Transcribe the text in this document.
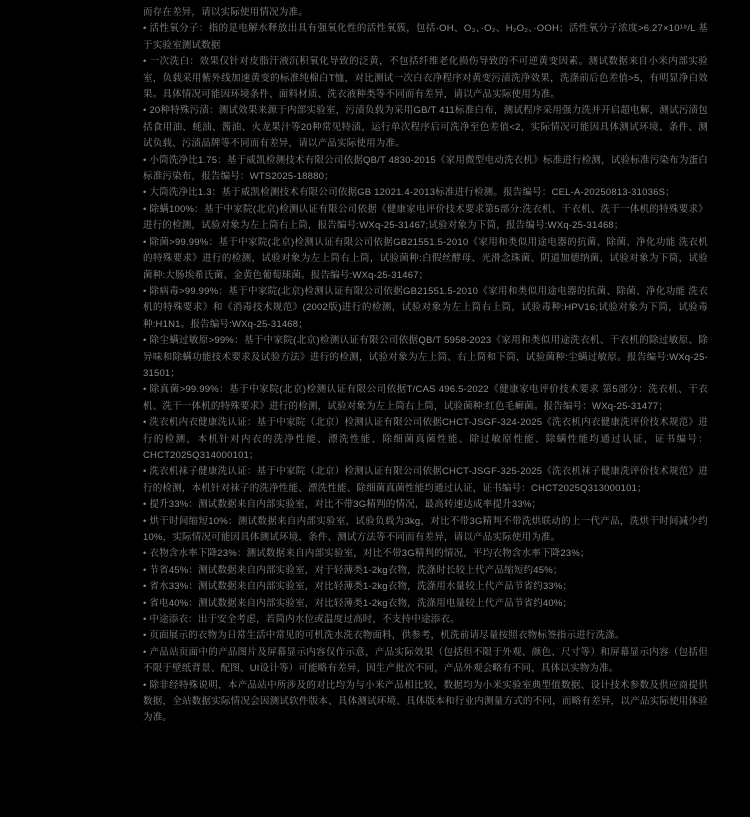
而存在差异，请以实际使用情况为准。

• 活性氧分子：指的是电解水释放出具有强氧化性的活性氧簇，包括·OH、O₃、·O₂、H₂O₂、·OOH；活性氧分子浓度>6.27×10¹⁸/L 基于实验室测试数据

• 一次洗白：效果仅针对皮脂汗液沉积氧化导致的泛黄，不包括纤维老化损伤导致的不可逆黄变因素。测试数据来自小米内部实验室，负载采用紫外线加速黄变的标准纯棉白T恤，对比测试一次白衣净程序对黄变污渍洗净效果，洗涤前后色差值>5，有明显净白效果。具体情况可能因环境条件、面料材质、洗衣液种类等不同而有差异，请以产品实际使用为准。

• 20种特殊污渍：测试效果来源于内部实验室，污渍负载为采用GB/T 411标准白布，测试程序采用强力洗并开启超电解，测试污渍包括食用油、蚝油、酱油、火龙果汁等20种常见特渍，运行单次程序后可洗净至色差值<2，实际情况可能因具体测试环境、条件、测试负载、污渍品牌等不同而有差异，请以产品实际使用为准。

• 小筒洗净比1.75：基于威凯检测技术有限公司依据QB/T 4830-2015《家用微型电动洗衣机》标准进行检测，试验标准污染布为蛋白标准污染布，报告编号：WTS2025-18880；

• 大筒洗净比1.3：基于威凯检测技术有限公司依据GB 12021.4-2013标准进行检测。报告编号：CEL-A-20250813-31036S；

• 除螨100%：基于中家院(北京)检测认证有限公司依据《健康家电评价技术要求第5部分:洗衣机、干衣机、洗干一体机的特殊要求》进行的检测，试验对象为左上筒右上筒，报告编号:WXq-25-31467;试验对象为下筒，报告编号:WXq-25-31468；

• 除菌>99.99%：基于中家院(北京)检测认证有限公司依据GB21551.5-2010《家用和类似用途电器的抗菌、除菌、净化功能 洗衣机的特殊要求》进行的检测，试验对象为左上筒右上筒，试验菌种:白假丝酵母、光滑念珠菌、阴道加德纳菌，试验对象为下筒，试验菌种:大肠埃希氏菌、金黄色葡萄球菌。报告编号:WXq-25-31467；

• 除病毒>99.99%：基于中家院(北京)检测认证有限公司依据GB21551.5-2010《家用和类似用途电器的抗菌、除菌、净化功能 洗衣机的特殊要求》和《消毒技术规范》(2002版)进行的检测，试验对象为左上筒右上筒，试验毒种:HPV16;试验对象为下筒，试验毒种:H1N1。报告编号:WXq-25-31468；

• 除尘螨过敏原>99%：基于中家院(北京)检测认证有限公司依据QB/T 5958-2023《家用和类似用途洗衣机、干衣机的除过敏原、除异味和除螨功能技术要求及试验方法》进行的检测，试验对象为左上筒、右上筒和下筒，试验菌种:尘螨过敏原。报告编号:WXq-25-31501；

• 除真菌>99.99%：基于中家院(北京)检测认证有限公司依据T/CAS 496.5-2022《健康家电评价技术要求 第5部分：洗衣机、干衣机、洗干一体机的特殊要求》进行的检测，试验对象为左上筒右上筒，试验菌种:红色毛癣菌。报告编号：WXq-25-31477；

• 洗衣机内衣健康洗认证：基于中家院（北京）检测认证有限公司依据CHCT-JSGF-324-2025《洗衣机内衣健康洗评价技术规范》进行的检测，本机针对内衣的洗净性能、漂洗性能、除细菌真菌性能、除过敏原性能、除螨性能均通过认证，证书编号：CHCT2025Q314000101；

• 洗衣机袜子健康洗认证：基于中家院（北京）检测认证有限公司依据CHCT-JSGF-325-2025《洗衣机袜子健康洗评价技术规范》进行的检测，本机针对袜子的洗净性能、漂洗性能、除细菌真菌性能均通过认证，证书编号：CHCT2025Q313000101；

• 提升33%：测试数据来自内部实验室，对比不带3G精判的情况，最高转速达成率提升33%；

• 烘干时间缩短10%：测试数据来自内部实验室，试验负载为3kg，对比不带3G精判不带洗烘联动的上一代产品，洗烘干时间减少约10%，实际情况可能因具体测试环境、条件、测试方法等不同而有差异，请以产品实际使用为准。

• 衣物含水率下降23%：测试数据来自内部实验室，对比不带3G精判的情况，平均衣物含水率下降23%；

• 节省45%：测试数据来自内部实验室，对于轻薄类1-2kg衣物，洗涤时长较上代产品缩短约45%；

• 省水33%：测试数据来自内部实验室，对比轻薄类1-2kg衣物，洗涤用水量较上代产品节省约33%；

• 省电40%：测试数据来自内部实验室，对比轻薄类1-2kg衣物，洗涤用电量较上代产品节省约40%；

• 中途添衣：出于安全考虑，若筒内水位或温度过高时，不支持中途添衣。

• 页面展示的衣物为日常生活中常见的可机洗水洗衣物面料，供参考，机洗前请尽量按照衣物标签指示进行洗涤。

• 产品站页面中的产品图片及屏幕显示内容仅作示意，产品实际效果（包括但不限于外观、颜色、尺寸等）和屏幕显示内容（包括但不限于壁纸背景、配图、UI设计等）可能略有差异，因生产批次不同，产品外观会略有不同，具体以实物为准。

• 除非经特殊说明，本产品站中所涉及的对比均为与小米产品相比较，数据均为小米实验室典型值数据、设计技术参数及供应商提供数据，全站数据实际情况会因测试软件版本、具体测试环境、具体版本和行业内测量方式的不同，而略有差异，以产品实际使用体验为准。
